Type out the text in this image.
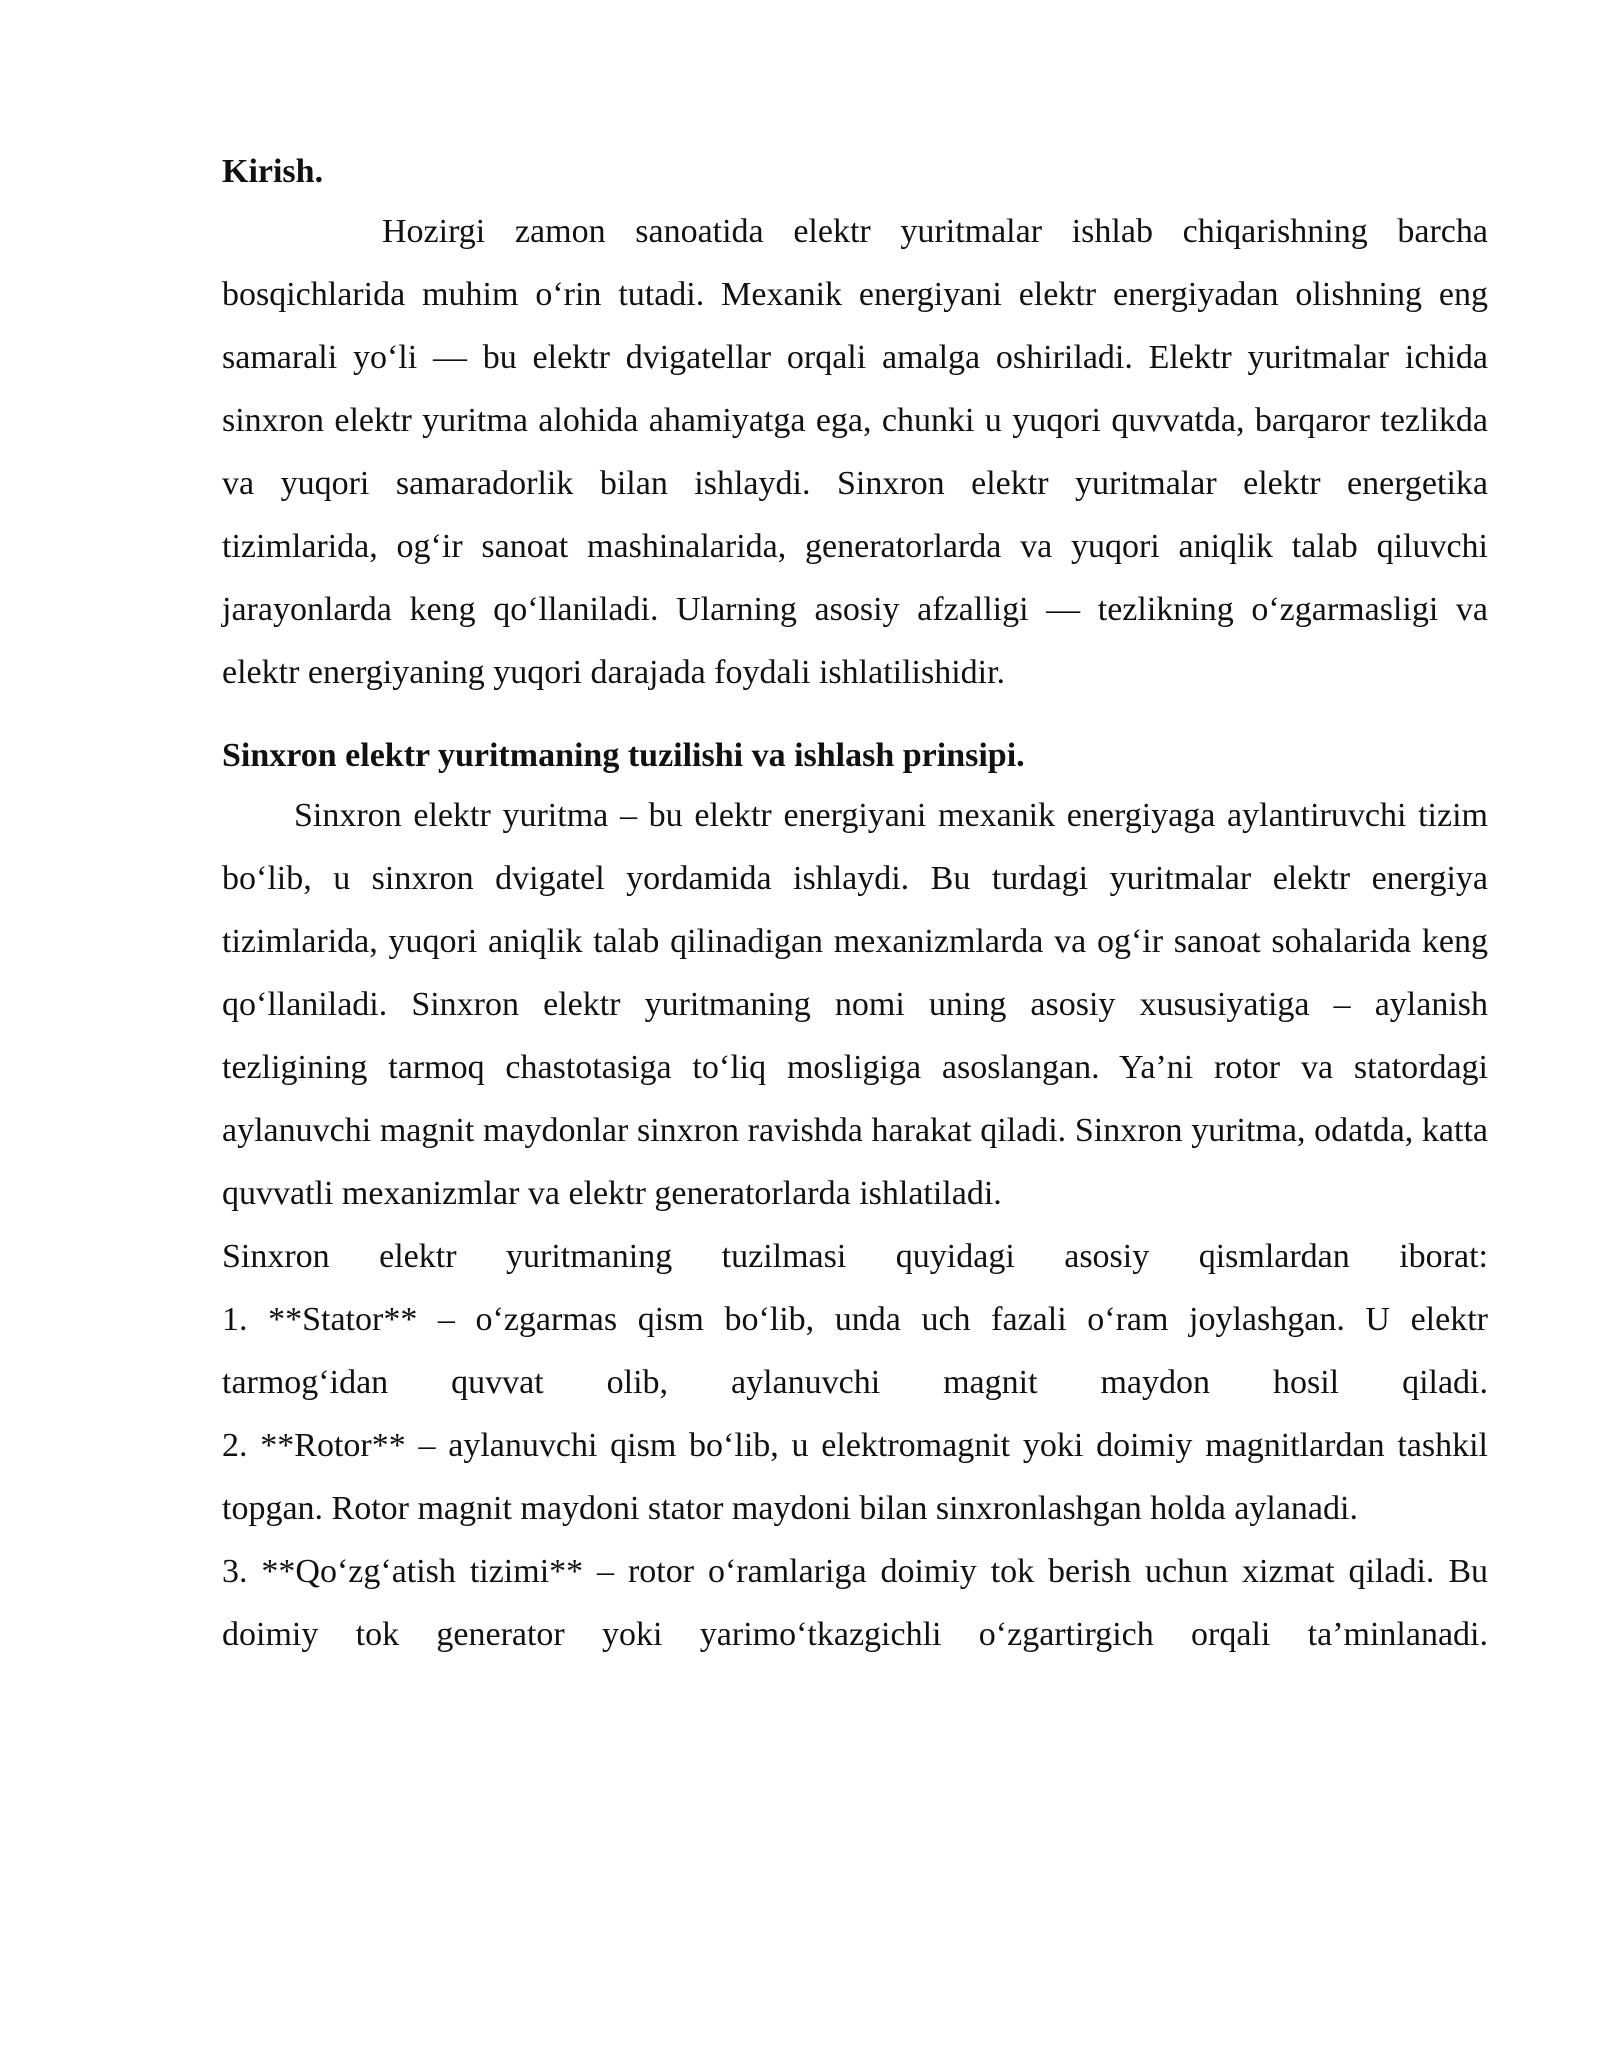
Kirish.

Hozirgi zamon sanoatida elektr yuritmalar ishlab chiqarishning barcha bosqichlarida muhim o‘rin tutadi. Mexanik energiyani elektr energiyadan olishning eng samarali yo‘li — bu elektr dvigatellar orqali amalga oshiriladi. Elektr yuritmalar ichida sinxron elektr yuritma alohida ahamiyatga ega, chunki u yuqori quvvatda, barqaror tezlikda va yuqori samaradorlik bilan ishlaydi. Sinxron elektr yuritmalar elektr energetika tizimlarida, og‘ir sanoat mashinalarida, generatorlarda va yuqori aniqlik talab qiluvchi jarayonlarda keng qo‘llaniladi. Ularning asosiy afzalligi — tezlikning o‘zgarmasligi va elektr energiyaning yuqori darajada foydali ishlatilishidir.

Sinxron elektr yuritmaning tuzilishi va ishlash prinsipi.

Sinxron elektr yuritma – bu elektr energiyani mexanik energiyaga aylantiruvchi tizim bo‘lib, u sinxron dvigatel yordamida ishlaydi. Bu turdagi yuritmalar elektr energiya tizimlarida, yuqori aniqlik talab qilinadigan mexanizmlarda va og‘ir sanoat sohalarida keng qo‘llaniladi. Sinxron elektr yuritmaning nomi uning asosiy xususiyatiga – aylanish tezligining tarmoq chastotasiga to‘liq mosligiga asoslangan. Ya’ni rotor va statordagi aylanuvchi magnit maydonlar sinxron ravishda harakat qiladi. Sinxron yuritma, odatda, katta quvvatli mexanizmlar va elektr generatorlarda ishlatiladi.

Sinxron elektr yuritmaning tuzilmasi quyidagi asosiy qismlardan iborat:
1. **Stator** – o‘zgarmas qism bo‘lib, unda uch fazali o‘ram joylashgan. U elektr tarmog‘idan quvvat olib, aylanuvchi magnit maydon hosil qiladi.
2. **Rotor** – aylanuvchi qism bo‘lib, u elektromagnit yoki doimiy magnitlardan tashkil topgan. Rotor magnit maydoni stator maydoni bilan sinxronlashgan holda aylanadi.
3. **Qo‘zg‘atish tizimi** – rotor o‘ramlariga doimiy tok berish uchun xizmat qiladi. Bu doimiy tok generator yoki yarimo‘tkazgichli o‘zgartirgich orqali ta’minlanadi.
